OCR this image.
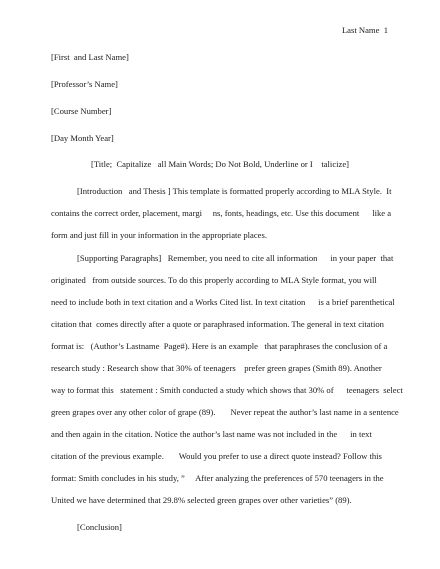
Last Name  1
[First  and Last Name]
[Professor’s Name]
[Course Number]
[Day Month Year]
[Title;  Capitalize   all Main Words; Do Not Bold, Underline or I    talicize]
[Introduction   and Thesis ] This template is formatted properly according to MLA Style.  It
contains the correct order, placement, margi     ns, fonts, headings, etc. Use this document      like a
form and just fill in your information in the appropriate places.
[Supporting Paragraphs]   Remember, you need to cite all information      in your paper  that
originated   from outside sources. To do this properly according to MLA Style format, you will
need to include both in text citation and a Works Cited list. In text citation      is a brief parenthetical
citation that  comes directly after a quote or paraphrased information. The general in text citation
format is:   (Author’s Lastname  Page#). Here is an example   that paraphrases the conclusion of a
research study : Research show that 30% of teenagers    prefer green grapes (Smith 89). Another
way to format this   statement : Smith conducted a study which shows that 30% of      teenagers  select
green grapes over any other color of grape (89).       Never repeat the author’s last name in a sentence
and then again in the citation. Notice the author’s last name was not included in the      in text
citation of the previous example.       Would you prefer to use a direct quote instead? Follow this
format: Smith concludes in his study, ”     After analyzing the preferences of 570 teenagers in the
United we have determined that 29.8% selected green grapes over other varieties” (89).
[Conclusion]
